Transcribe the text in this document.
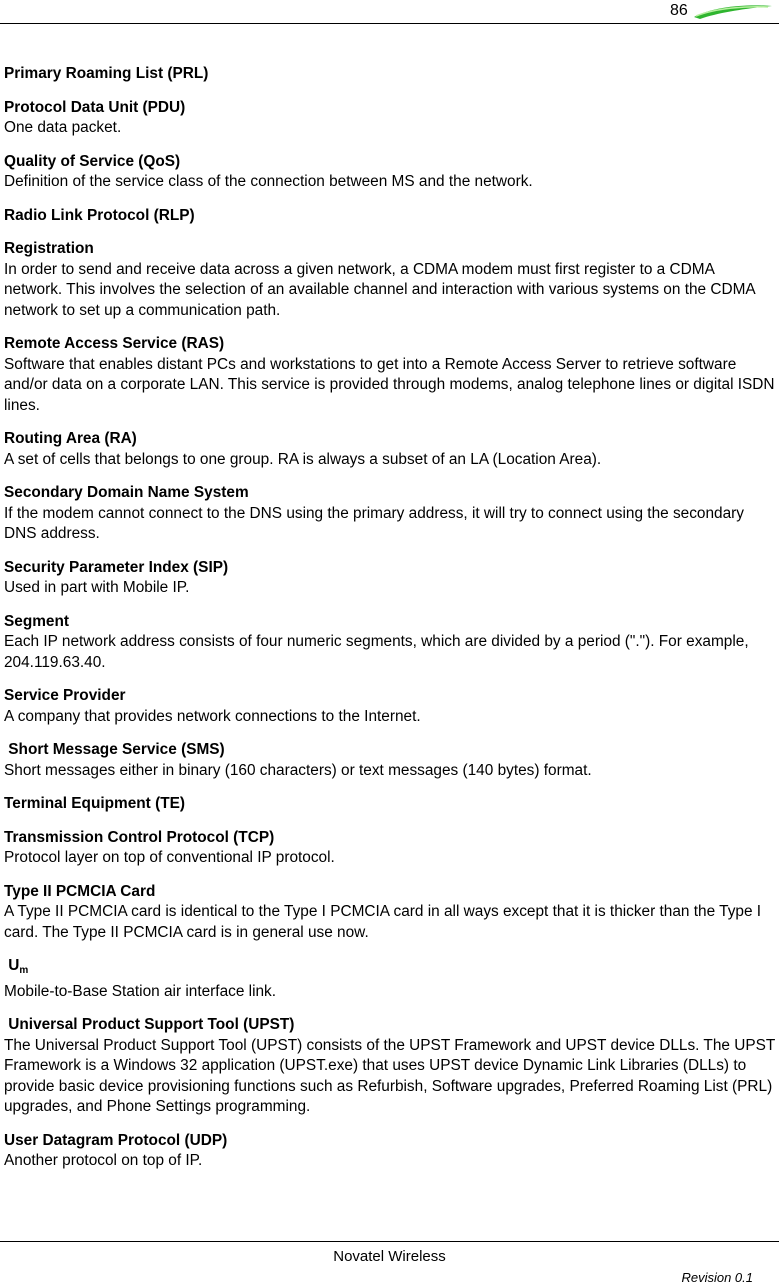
86
Primary Roaming List (PRL)
Protocol Data Unit (PDU)
One data packet.
Quality of Service (QoS)
Definition of the service class of the connection between MS and the network.
Radio Link Protocol (RLP)
Registration
In order to send and receive data across a given network, a CDMA modem must first register to a CDMA network. This involves the selection of an available channel and interaction with various systems on the CDMA network to set up a communication path.
Remote Access Service (RAS)
Software that enables distant PCs and workstations to get into a Remote Access Server to retrieve software and/or data on a corporate LAN. This service is provided through modems, analog telephone lines or digital ISDN lines.
Routing Area (RA)
A set of cells that belongs to one group. RA is always a subset of an LA (Location Area).
Secondary Domain Name System
If the modem cannot connect to the DNS using the primary address, it will try to connect using the secondary DNS address.
Security Parameter Index (SIP)
Used in part with Mobile IP.
Segment
Each IP network address consists of four numeric segments, which are divided by a period ("."). For example, 204.119.63.40.
Service Provider
A company that provides network connections to the Internet.
Short Message Service (SMS)
Short messages either in binary (160 characters) or text messages (140 bytes) format.
Terminal Equipment (TE)
Transmission Control Protocol (TCP)
Protocol layer on top of conventional IP protocol.
Type II PCMCIA Card
A Type II PCMCIA card is identical to the Type I PCMCIA card in all ways except that it is thicker than the Type I card. The Type II PCMCIA card is in general use now.
$U_m$
Mobile-to-Base Station air interface link.
Universal Product Support Tool (UPST)
The Universal Product Support Tool (UPST) consists of the UPST Framework and UPST device DLLs. The UPST Framework is a Windows 32 application (UPST.exe) that uses UPST device Dynamic Link Libraries (DLLs) to provide basic device provisioning functions such as Refurbish, Software upgrades, Preferred Roaming List (PRL) upgrades, and Phone Settings programming.
User Datagram Protocol (UDP)
Another protocol on top of IP.
Novatel Wireless
Revision 0.1
